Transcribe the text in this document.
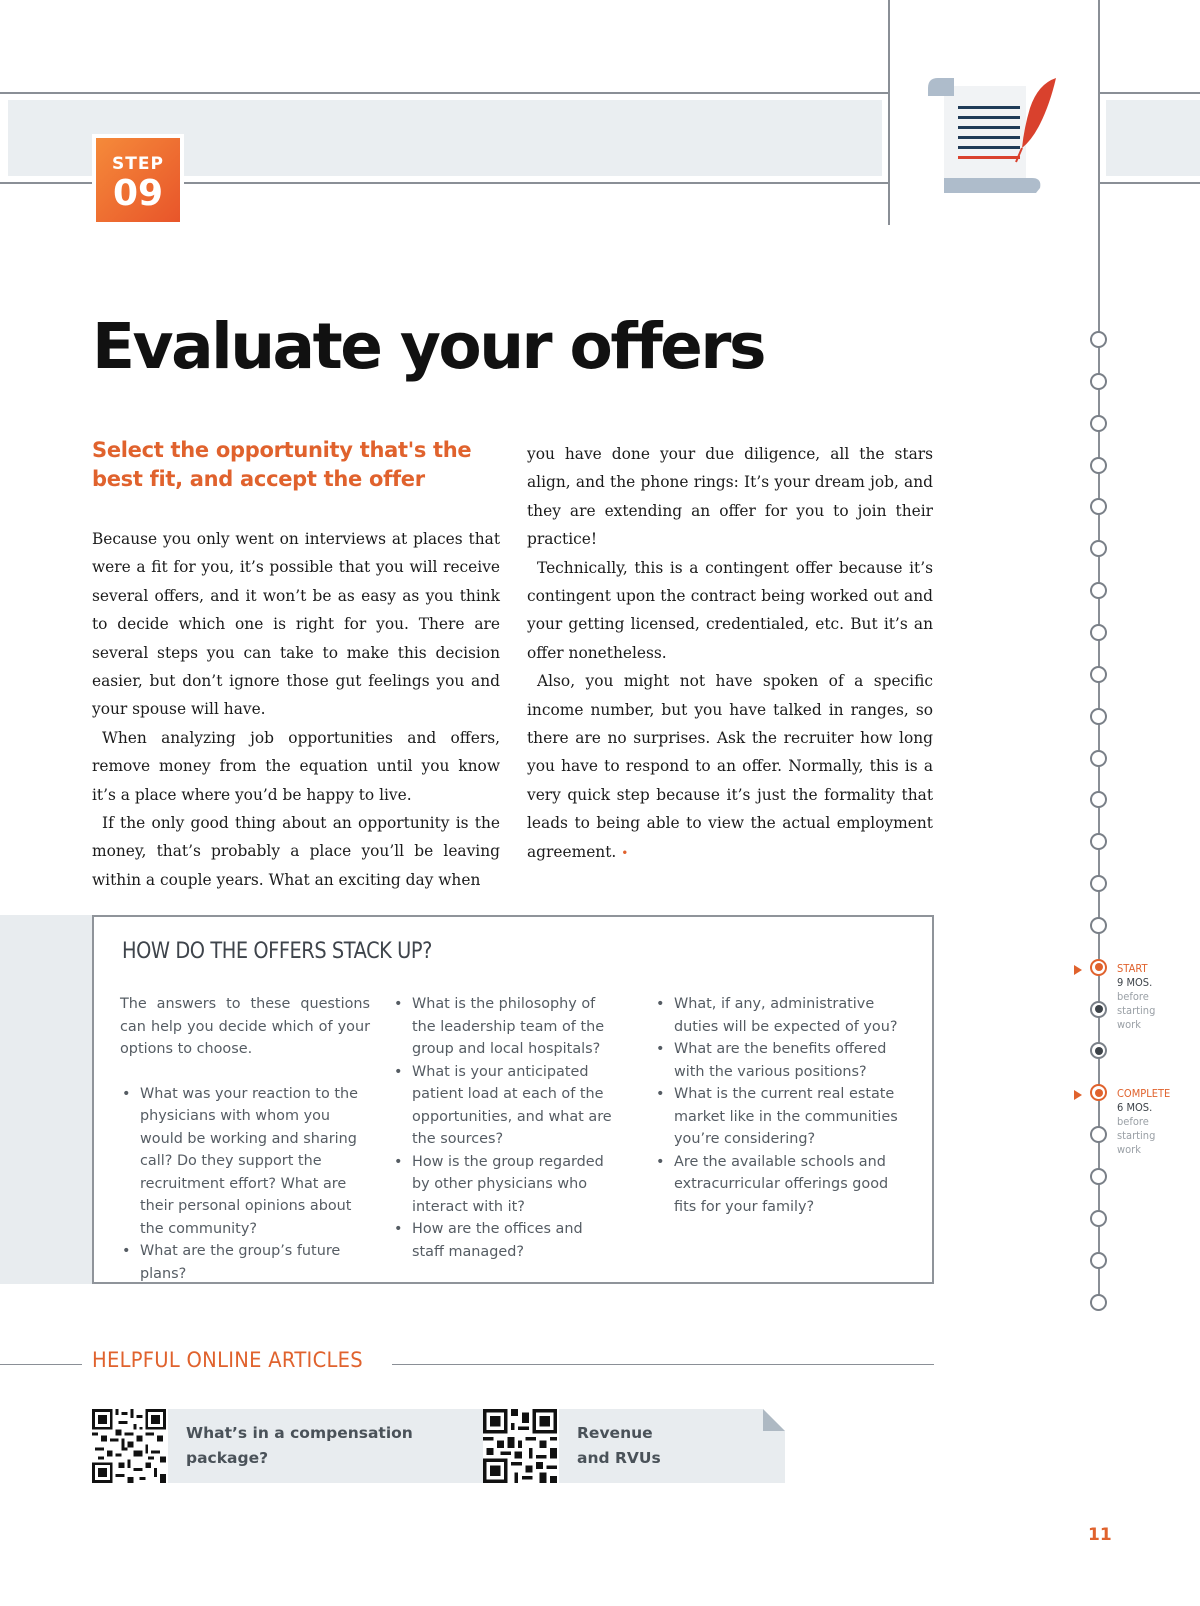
STEP
09
Evaluate your offers
Select the opportunity that's the best fit, and accept the offer

Because you only went on interviews at places that were a fit for you, it’s possible that you will receive several offers, and it won’t be as easy as you think to decide which one is right for you. There are several steps you can take to make this decision easier, but don’t ignore those gut feelings you and your spouse will have.

When analyzing job opportunities and offers, remove money from the equation until you know it’s a place where you’d be happy to live.

If the only good thing about an opportunity is the money, that’s probably a place you’ll be leaving within a couple years. What an exciting day when

you have done your due diligence, all the stars align, and the phone rings: It’s your dream job, and they are extending an offer for you to join their practice!

Technically, this is a contingent offer because it’s contingent upon the contract being worked out and your getting licensed, credentialed, etc. But it’s an offer nonetheless.

Also, you might not have spoken of a specific income number, but you have talked in ranges, so there are no surprises. Ask the recruiter how long you have to respond to an offer. Normally, this is a very quick step because it’s just the formality that leads to being able to view the actual employment agreement. •

HOW DO THE OFFERS STACK UP?
The answers to these questions can help you decide which of your options to choose.
• What was your reaction to the physicians with whom you would be working and sharing call? Do they support the recruitment effort? What are their personal opinions about the community?
• What are the group’s future plans?
• What is the philosophy of the leadership team of the group and local hospitals?
• What is your anticipated patient load at each of the opportunities, and what are the sources?
• How is the group regarded by other physicians who interact with it?
• How are the offices and staff managed?
• What, if any, administrative duties will be expected of you?
• What are the benefits offered with the various positions?
• What is the current real estate market like in the communities you’re considering?
• Are the available schools and extracurricular offerings good fits for your family?
HELPFUL ONLINE ARTICLES
What’s in a compensation
package?
Revenue
and RVUs
START
9 MOS.
before
starting
work
COMPLETE
6 MOS.
before
starting
work
11
